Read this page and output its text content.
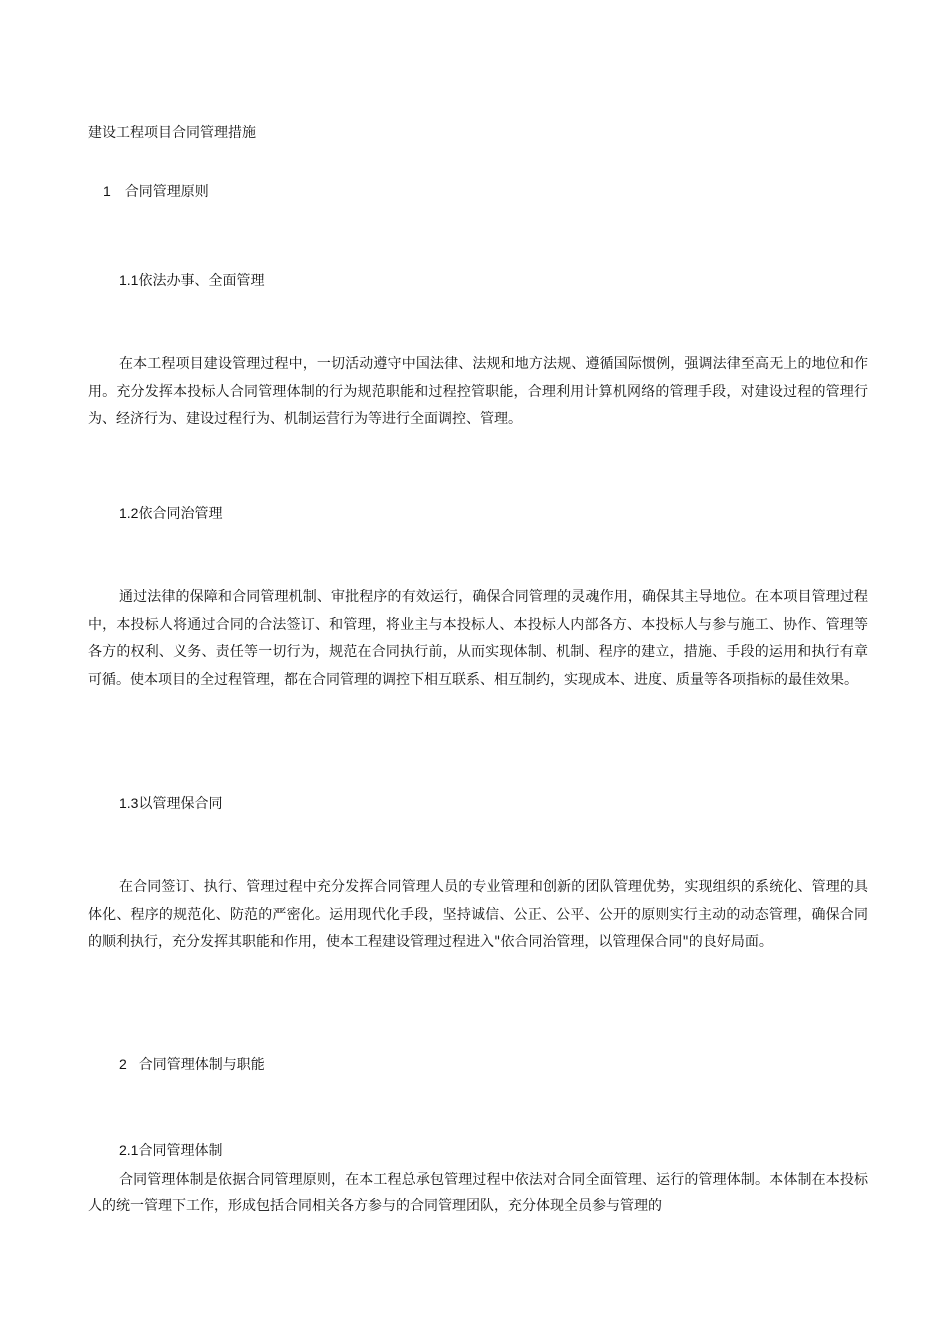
建设工程项目合同管理措施
1 合同管理原则
1.1依法办事、全面管理
在本工程项目建设管理过程中，一切活动遵守中国法律、法规和地方法规、遵循国际惯例，强调法律至高无上的地位和作用。充分发挥本投标人合同管理体制的行为规范职能和过程控管职能，合理利用计算机网络的管理手段，对建设过程的管理行为、经济行为、建设过程行为、机制运营行为等进行全面调控、管理。
1.2依合同治管理
通过法律的保障和合同管理机制、审批程序的有效运行，确保合同管理的灵魂作用，确保其主导地位。在本项目管理过程中，本投标人将通过合同的合法签订、和管理，将业主与本投标人、本投标人内部各方、本投标人与参与施工、协作、管理等各方的权利、义务、责任等一切行为，规范在合同执行前，从而实现体制、机制、程序的建立，措施、手段的运用和执行有章可循。使本项目的全过程管理，都在合同管理的调控下相互联系、相互制约，实现成本、进度、质量等各项指标的最佳效果。
1.3以管理保合同
在合同签订、执行、管理过程中充分发挥合同管理人员的专业管理和创新的团队管理优势，实现组织的系统化、管理的具体化、程序的规范化、防范的严密化。运用现代化手段，坚持诚信、公正、公平、公开的原则实行主动的动态管理，确保合同的顺利执行，充分发挥其职能和作用，使本工程建设管理过程进入"依合同治管理，以管理保合同"的良好局面。
2 合同管理体制与职能
2.1合同管理体制
合同管理体制是依据合同管理原则，在本工程总承包管理过程中依法对合同全面管理、运行的管理体制。本体制在本投标人的统一管理下工作，形成包括合同相关各方参与的合同管理团队，充分体现全员参与管理的
